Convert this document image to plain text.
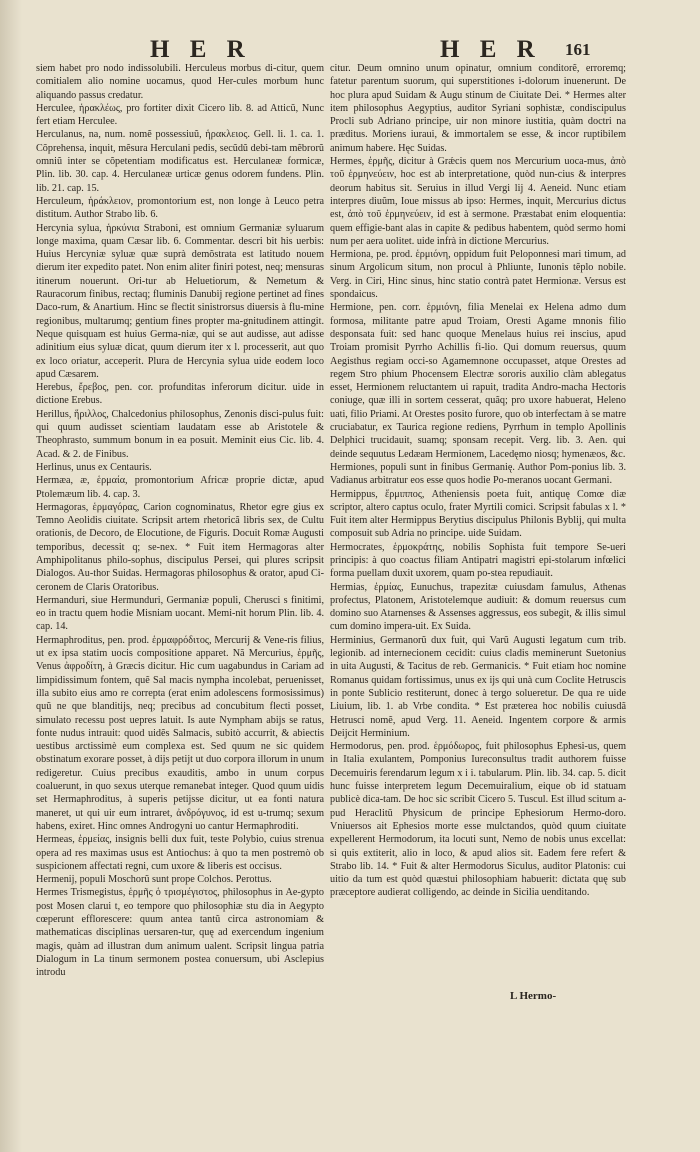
H E R	H E R 161

siem habet pro nodo indissolubili. Herculeus morbus di-citur, quem comitialem alio nomine uocamus, quod Her-cules morbum hunc aliquando passus credatur.

Herculee, ἡρακλέως, pro fortiter dixit Cicero lib. 8. ad Atticũ, Nunc fert etiam Herculee.

Herculanus, na, num. nomẽ possessiuũ, ἡρακλειος. Gell. li. 1. ca. 1. Cõprehensa, inquit, mẽsura Herculani pedis, secũdũ debi-tam mẽbrorũ omniũ inter se cõpetentiam modificatus est. Herculaneæ formicæ, Plin. lib. 30. cap. 4. Herculaneæ urticæ genus odorem fundens. Plin. lib. 21. cap. 15.

Herculeum, ἡράκλειον, promontorium est, non longe à Leuco petra distitum. Author Strabo lib. 6.

Hercynia sylua, ἡρκύνια Straboni, est omnium Germaniæ syluarum longe maxima, quam Cæsar lib. 6. Commentar. descri bit his uerbis: Huius Hercyniæ syluæ quæ suprà demõstrata est latitudo nouem dierum iter expedito patet. Non enim aliter finiri potest, neq; mensuras itinerum nouerunt. Ori-tur ab Heluetiorum, & Nemetum & Rauracorum finibus, rectaq; fluminis Danubij regione pertinet ad fines Daco-rum, & Anartium. Hinc se flectit sinistrorsus diuersis à flu-mine regionibus, multarumq; gentium fines propter ma-gnitudinem attingit. Neque quisquam est huius Germa-niæ, qui se aut audisse, aut adisse adinitium eius syluæ dicat, quum dierum iter x l. processerit, aut quo ex loco oriatur, acceperit. Plura de Hercynia sylua uide eodem loco apud Cæsarem.

Herebus, ἔρεβος, pen. cor. profunditas inferorum dicitur. uide in dictione Erebus.

Herillus, ἥριλλος, Chalcedonius philosophus, Zenonis disci-pulus fuit: qui quum audisset scientiam laudatam esse ab Aristotele & Theophrasto, summum bonum in ea posuit. Meminit eius Cic. lib. 4. Acad. & 2. de Finibus.

Herlinus, unus ex Centauris.

Hermæa, æ, ἑρμαία, promontorium Africæ proprie dictæ, apud Ptolemæum lib. 4. cap. 3.

Hermagoras, ἑρμαγόρας, Carion cognominatus, Rhetor egre gius ex Temno Aeolidis ciuitate. Scripsit artem rhetoricã libris sex, de Cultu orationis, de Decoro, de Elocutione, de Figuris. Docuit Romæ Augusti temporibus, decessit q; se-nex. * Fuit item Hermagoras alter Amphipolitanus philo-sophus, discipulus Persei, qui plures scripsit Dialogos. Au-thor Suidas. Hermagoras philosophus & orator, apud Ci-ceronem de Claris Oratoribus.

Hermanduri, siue Hermunduri, Germaniæ populi, Cherusci s finitimi, eo in tractu quem hodie Misniam uocant. Memi-nit horum Plin. lib. 4. cap. 14.

Hermaphroditus, pen. prod. ἑρμαφρόδιτος, Mercurij & Vene-ris filius, ut ex ipsa statim uocis compositione apparet. Nã Mercurius, ἑρμῆς, Venus ἀφροδίτη, à Græcis dicitur. Hic cum uagabundus in Cariam ad limpidissimum fontem, quẽ Sal macis nympha incolebat, peruenisset, illa subito eius amo re correpta (erat enim adolescens formosissimus) quũ ne que blanditijs, neq; precibus ad concubitum flecti posset, simulato recessu post uepres latuit. Is aute Nympham abijs se ratus, fonte nudus intrauit: quod uidẽs Salmacis, subitò accurrit, & abiectis uestibus arctissimè eum complexa est. Sed quum ne sic quidem obstinatum exorare posset, à dijs petijt ut duo corpora illorum in unum redigeretur. Cuius precibus exauditis, ambo in unum corpus coaluerunt, in quo sexus uterque remanebat integer. Quod quum uidis set Hermaphroditus, à superis petijsse dicitur, ut ea fonti natura maneret, ut qui uir eum intraret, ἀνδρόγυνος, id est u-trumq; sexum habens, exiret. Hinc omnes Androgyni uo cantur Hermaphroditi.

Hermeas, ἑρμείας, insignis belli dux fuit, teste Polybio, cuius strenua opera ad res maximas usus est Antiochus: à quo ta men postremò ob suspicionem affectati regni, cum uxore & liberis est occisus.

Hermenij, populi Moschorũ sunt prope Colchos. Perottus.

Hermes Trismegistus, ἑρμῆς ὁ τρισμέγιστος, philosophus in Ae-gypto post Mosen clarui t, eo tempore quo philosophiæ stu dia in Aegypto cœperunt efflorescere: quum antea tantũ circa astronomiam & mathematicas disciplinas uersaren-tur, quę ad exercendum ingenium magis, quàm ad illustran dum animum ualent. Scripsit lingua patria Dialogum in La tinum sermonem postea conuersum, ubi Asclepius introdu

citur. Deum omnino unum opinatur, omnium conditorẽ, erroremq; fatetur parentum suorum, qui superstitiones i-dolorum inuenerunt. De hoc plura apud Suidam & Augu stinum de Ciuitate Dei. * Hermes alter item philosophus Aegyptius, auditor Syriani sophistæ, condiscipulus Procli sub Adriano principe, uir non minore iustitia, quàm doctri na præditus. Moriens iuraui, & immortalem se esse, & incor ruptibilem animum habere. Hęc Suidas.

Hermes, ἑρμῆς, dicitur à Grǽcis quem nos Mercurium uoca-mus, ἀπὸ τοῦ ἑρμηνεύειν, hoc est ab interpretatione, quòd nun-cius & interpres deorum habitus sit. Seruius in illud Vergi lij 4. Aeneid. Nunc etiam interpres diuũm, Ioue missus ab ipso: Hermes, inquit, Mercurius dictus est, ἀπὸ τοῦ ἑρμηνεύειν, id est à sermone. Præstabat enim eloquentia: quem effigie-bant alas in capite & pedibus habentem, quòd sermo homi num per aera uolitet. uide infrà in dictione Mercurius.

Hermiona, pe. prod. ἑρμιόνη, oppidum fuit Peloponnesi mari timum, ad sinum Argolicum situm, non procul à Phliunte, Iunonis tẽplo nobile. Verg. in Ciri, Hinc sinus, hinc statio contrà patet Hermionæ. Versus est spondaicus.

Hermione, pen. corr. ἑρμιόνη, filia Menelai ex Helena admo dum formosa, militante patre apud Troiam, Oresti Agame mnonis filio desponsata fuit: sed hanc quoque Menelaus huius rei inscius, apud Troiam promisit Pyrrho Achillis fi-lio. Qui domum reuersus, quum Aegisthus regiam occi-so Agamemnone occupasset, atque Orestes ad regem Stro phium Phocensem Electræ sororis auxilio clàm ablegatus esset, Hermionem reluctantem ui rapuit, tradita Andro-macha Hectoris coniuge, quæ illi in sortem cesserat, quãq; pro uxore habuerat, Heleno uati, filio Priami. At Orestes posito furore, quo ob interfectam à se matre cruciabatur, ex Taurica regione rediens, Pyrrhum in templo Apollinis Delphici trucidauit, suamq; sponsam recepit. Verg. lib. 3. Aen. qui deinde sequutus Ledæam Hermionem, Lacedęmo niosq; hymenæos, &c.

Hermiones, populi sunt in finibus Germanię. Author Pom-ponius lib. 3. Vadianus arbitratur eos esse quos hodie Po-meranos uocant Germani.

Hermippus, ἕρμιππος, Atheniensis poeta fuit, antiquę Comœ diæ scriptor, altero captus oculo, frater Myrtili comici. Scripsit fabulas x l. * Fuit item alter Hermippus Berytius discipulus Philonis Byblij, qui multa composuit sub Adria no principe. uide Suidam.

Hermocrates, ἑρμοκράτης, nobilis Sophista fuit tempore Se-ueri principis: à quo coactus filiam Antipatri magistri epi-stolarum infœlici forma puellam duxit uxorem, quam po-stea repudiauit.

Hermias, ἑρμίας, Eunuchus, trapezitæ cuiusdam famulus, Athenas profectus, Platonem, Aristotelemque audiuit: & domum reuersus cum domino suo Atarnenses & Assenses aggressus, eos subegit, & illis simul cum domino impera-uit. Ex Suida.

Herminius, Germanorũ dux fuit, qui Varũ Augusti legatum cum trib. legionib. ad internecionem cecidit: cuius cladis meminerunt Suetonius in uita Augusti, & Tacitus de reb. Germanicis. * Fuit etiam hoc nomine Romanus quidam fortissimus, unus ex ijs qui unà cum Coclite Hetruscis in ponte Sublicio restiterunt, donec à tergo solueretur. De qua re uide Liuium, lib. 1. ab Vrbe condita. * Est præterea hoc nobilis cuiusdã Hetrusci nomẽ, apud Verg. 11. Aeneid. Ingentem corpore & armis Deijcit Herminium.

Hermodorus, pen. prod. ἑρμόδωρος, fuit philosophus Ephesi-us, quem in Italia exulantem, Pomponius Iureconsultus tradit authorem fuisse Decemuiris ferendarum legum x i i. tabularum. Plin. lib. 34. cap. 5. dicit hunc fuisse interpretem legum Decemuiralium, eique ob id statuam publicè dica-tam. De hoc sic scribit Cicero 5. Tuscul. Est illud scitum a-pud Heraclitũ Physicum de principe Ephesiorum Hermo-doro. Vniuersos ait Ephesios morte esse mulctandos, quòd quum ciuitate expellerent Hermodorum, ita locuti sunt, Nemo de nobis unus excellat: si quis extiterit, alio in loco, & apud alios sit. Eadem fere refert & Strabo lib. 14. * Fuit & alter Hermodorus Siculus, auditor Platonis: cui uitio da tum est quòd quæstui philosophiam habuerit: dictata quę sub præceptore audierat colligendo, ac deinde in Sicilia uenditando.

L Hermo-
